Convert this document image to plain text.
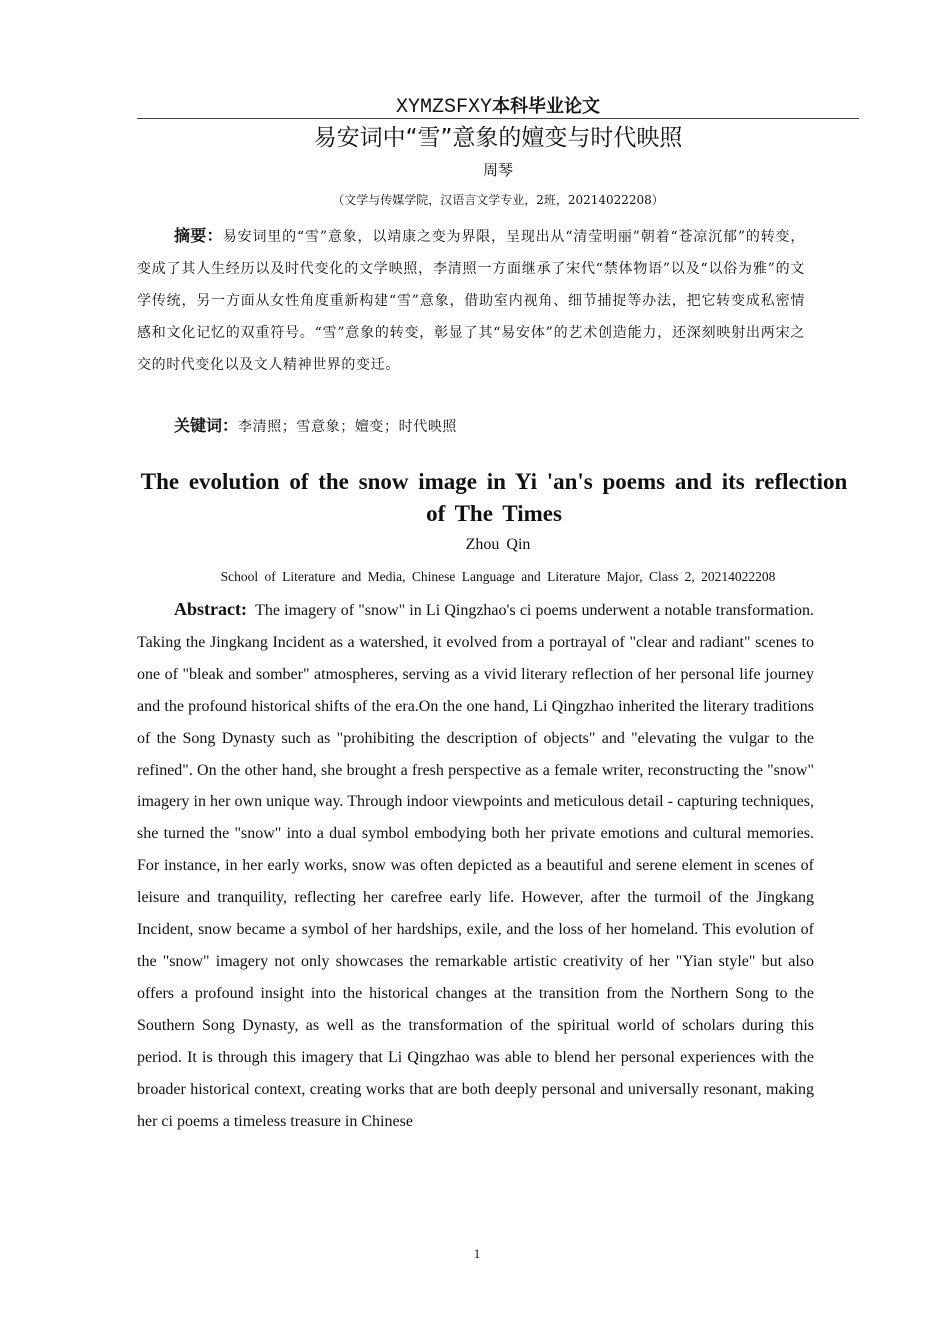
XYMZSFXY本科毕业论文
易安词中“雪”意象的嬗变与时代映照
周琴
（文学与传媒学院，汉语言文学专业，2班，20214022208）

摘要：易安词里的“雪”意象，以靖康之变为界限，呈现出从“清莹明丽”朝着“苍凉沉郁”的转变，变成了其人生经历以及时代变化的文学映照，李清照一方面继承了宋代“禁体物语”以及“以俗为雅”的文学传统，另一方面从女性角度重新构建“雪”意象，借助室内视角、细节捕捉等办法，把它转变成私密情感和文化记忆的双重符号。“雪”意象的转变，彰显了其“易安体”的艺术创造能力，还深刻映射出两宋之交的时代变化以及文人精神世界的变迁。

关键词：李清照；雪意象；嬗变；时代映照

The evolution of the snow image in Yi 'an's poems and its reflection of The Times

Zhou Qin
School of Literature and Media, Chinese Language and Literature Major, Class 2, 20214022208

Abstract: The imagery of "snow" in Li Qingzhao's ci poems underwent a notable transformation. Taking the Jingkang Incident as a watershed, it evolved from a portrayal of "clear and radiant" scenes to one of "bleak and somber" atmospheres, serving as a vivid literary reflection of her personal life journey and the profound historical shifts of the era.On the one hand, Li Qingzhao inherited the literary traditions of the Song Dynasty such as "prohibiting the description of objects" and "elevating the vulgar to the refined". On the other hand, she brought a fresh perspective as a female writer, reconstructing the "snow" imagery in her own unique way. Through indoor viewpoints and meticulous detail - capturing techniques, she turned the "snow" into a dual symbol embodying both her private emotions and cultural memories. For instance, in her early works, snow was often depicted as a beautiful and serene element in scenes of leisure and tranquility, reflecting her carefree early life. However, after the turmoil of the Jingkang Incident, snow became a symbol of her hardships, exile, and the loss of her homeland. This evolution of the "snow" imagery not only showcases the remarkable artistic creativity of her "Yian style" but also offers a profound insight into the historical changes at the transition from the Northern Song to the Southern Song Dynasty, as well as the transformation of the spiritual world of scholars during this period. It is through this imagery that Li Qingzhao was able to blend her personal experiences with the broader historical context, creating works that are both deeply personal and universally resonant, making her ci poems a timeless treasure in Chinese

1
